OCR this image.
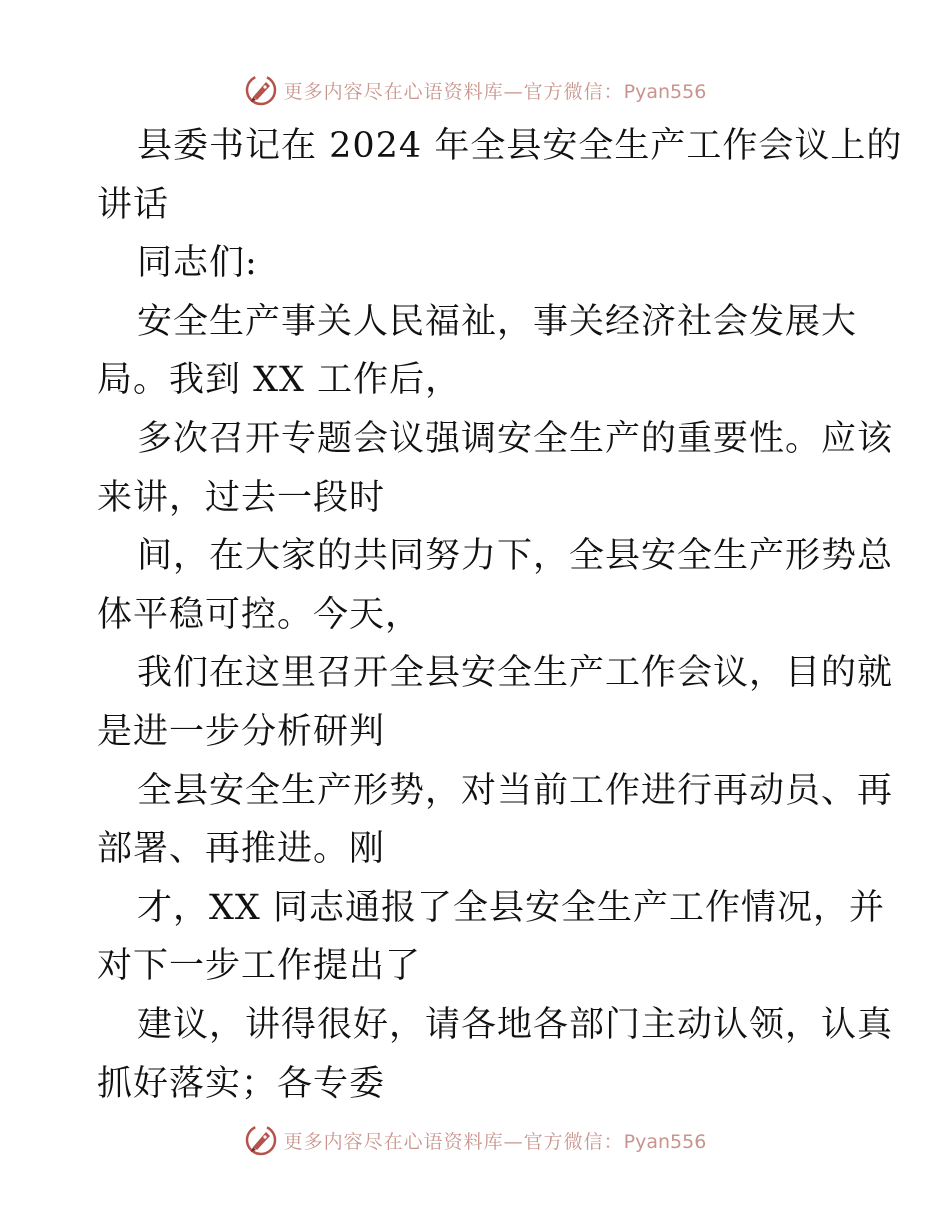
更多内容尽在心语资料库—官方微信：Pyan556
县委书记在 2024 年全县安全生产工作会议上的
讲话
同志们:
安全生产事关人民福祉，事关经济社会发展大
局。我到 XX 工作后，
多次召开专题会议强调安全生产的重要性。应该
来讲，过去一段时
间，在大家的共同努力下，全县安全生产形势总
体平稳可控。今天，
我们在这里召开全县安全生产工作会议，目的就
是进一步分析研判
全县安全生产形势，对当前工作进行再动员、再
部署、再推进。刚
才，XX 同志通报了全县安全生产工作情况，并
对下一步工作提出了
建议，讲得很好，请各地各部门主动认领，认真
抓好落实；各专委
更多内容尽在心语资料库—官方微信：Pyan556
